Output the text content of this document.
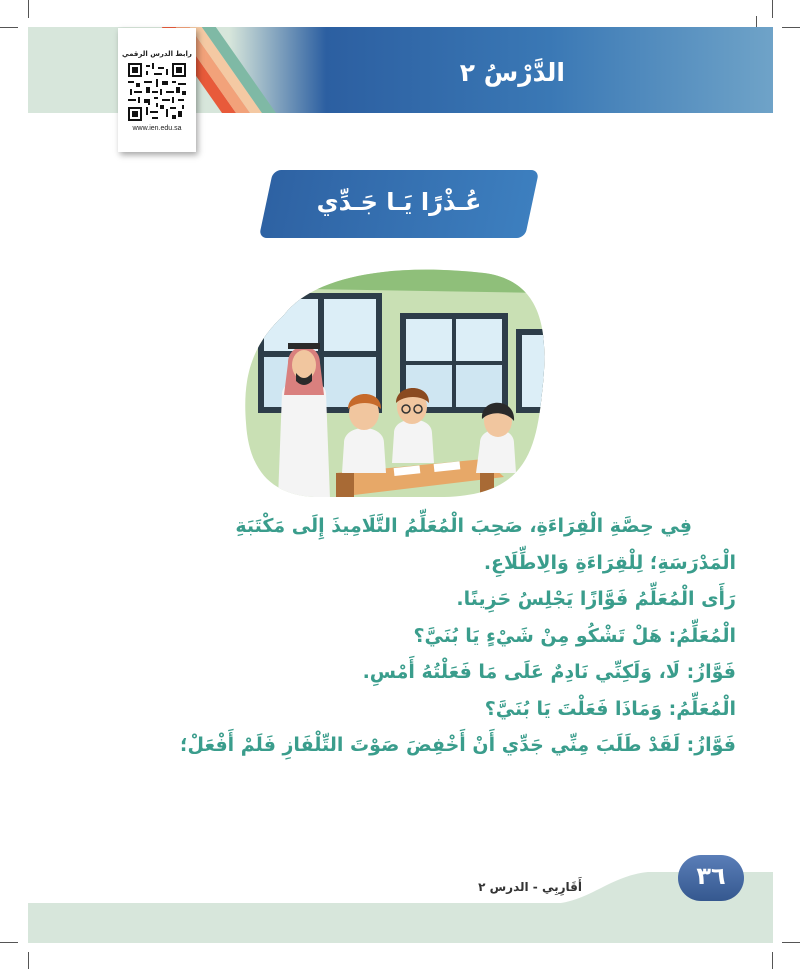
الدَّرْسُ ٢
رابط الدرس الرقمي
www.ien.edu.sa
عُـذْرًا يَـا جَـدِّي

فِي حِصَّةِ الْقِرَاءَةِ، صَحِبَ الْمُعَلِّمُ التَّلَامِيذَ إِلَى مَكْتَبَةِ

الْمَدْرَسَةِ؛ لِلْقِرَاءَةِ وَالِاطِّلَاعِ.

رَأَى الْمُعَلِّمُ فَوَّازًا يَجْلِسُ حَزِينًا.

الْمُعَلِّمُ: هَلْ تَشْكُو مِنْ شَيْءٍ يَا بُنَيَّ؟

فَوَّازُ: لَا، وَلَكِنِّي نَادِمٌ عَلَى مَا فَعَلْتُهُ أَمْسِ.

الْمُعَلِّمُ: وَمَاذَا فَعَلْتَ يَا بُنَيَّ؟

فَوَّازُ: لَقَدْ طَلَبَ مِنِّي جَدِّي أَنْ أَخْفِضَ صَوْتَ التِّلْفَازِ فَلَمْ أَفْعَلْ؛

أَقَارِبِي - الدرس ٢	٣٦
